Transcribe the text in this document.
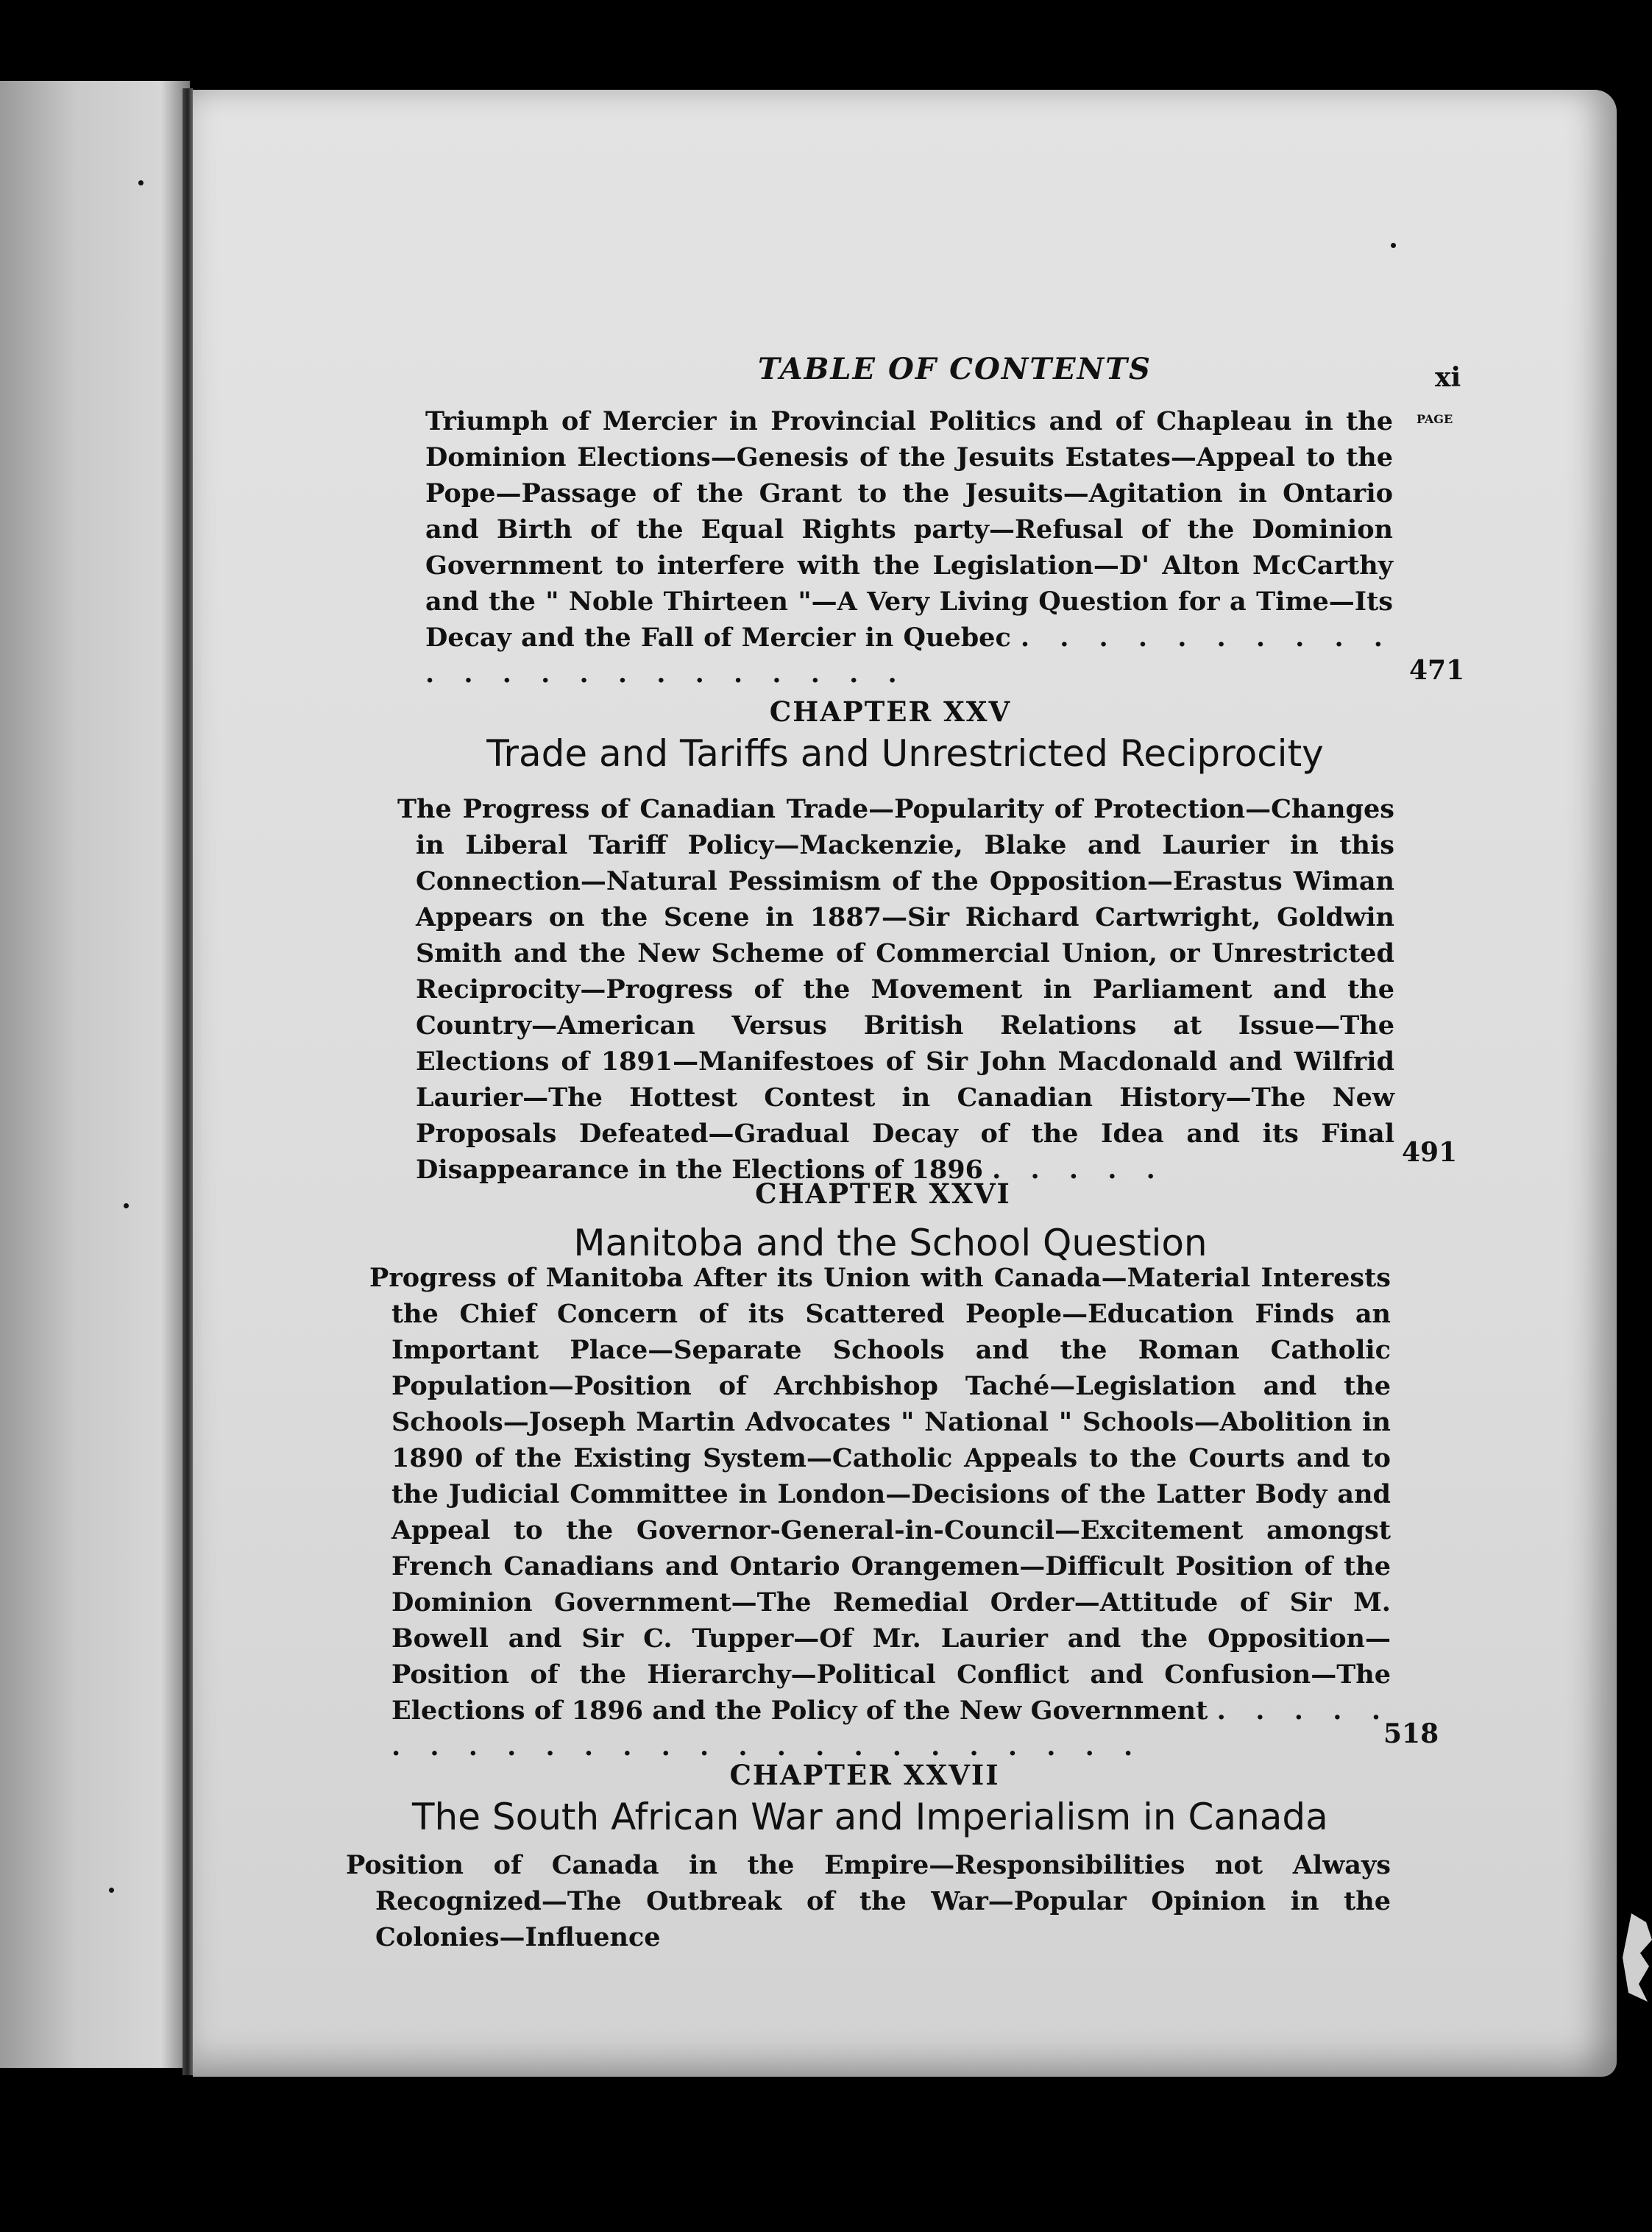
TABLE OF CONTENTS	xi
PAGE
Triumph of Mercier in Provincial Politics and of Chapleau in the Dominion Elections—Genesis of the Jesuits Estates—Appeal to the Pope—Passage of the Grant to the Jesuits—Agitation in Ontario and Birth of the Equal Rights party—Refusal of the Dominion Government to interfere with the Legislation—D' Alton McCarthy and the " Noble Thirteen "—A Very Living Question for a Time—Its Decay and the Fall of Mercier in Quebec . . . . . . . . . . . . . . . . . . . . . . .	471
CHAPTER XXV
Trade and Tariffs and Unrestricted Reciprocity
The Progress of Canadian Trade—Popularity of Protection—Changes in Liberal Tariff Policy—Mackenzie, Blake and Laurier in this Connection—Natural Pessimism of the Opposition—Erastus Wiman Appears on the Scene in 1887—Sir Richard Cartwright, Goldwin Smith and the New Scheme of Commercial Union, or Unrestricted Reciprocity—Progress of the Movement in Parliament and the Country—American Versus British Relations at Issue—The Elections of 1891—Manifestoes of Sir John Macdonald and Wilfrid Laurier—The Hottest Contest in Canadian History—The New Proposals Defeated—Gradual Decay of the Idea and its Final Disappearance in the Elections of 1896 . . . . .
491
CHAPTER XXVI
Manitoba and the School Question
Progress of Manitoba After its Union with Canada—Material Interests the Chief Concern of its Scattered People—Education Finds an Important Place—Separate Schools and the Roman Catholic Population—Position of Archbishop Taché—Legislation and the Schools—Joseph Martin Advocates " National " Schools—Abolition in 1890 of the Existing System—Catholic Appeals to the Courts and to the Judicial Committee in London—Decisions of the Latter Body and Appeal to the Governor-General-in-Council—Excitement amongst French Canadians and Ontario Orangemen—Difficult Position of the Dominion Government—The Remedial Order—Attitude of Sir M. Bowell and Sir C. Tupper—Of Mr. Laurier and the Opposition—Position of the Hierarchy—Political Conflict and Confusion—The Elections of 1896 and the Policy of the New Government . . . . . . . . . . . . . . . . . . . . . . . . .	518
CHAPTER XXVII
The South African War and Imperialism in Canada
Position of Canada in the Empire—Responsibilities not Always Recognized—The Outbreak of the War—Popular Opinion in the Colonies—Influence
